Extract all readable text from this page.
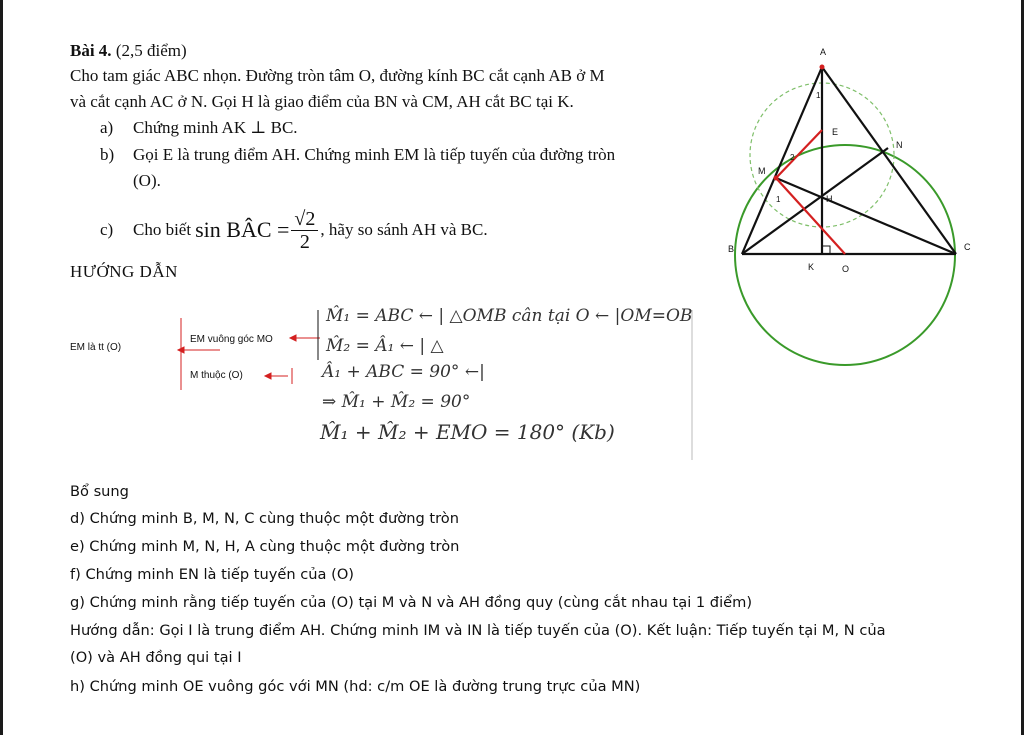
Bài 4. (2,5 điểm)
Cho tam giác ABC nhọn. Đường tròn tâm O, đường kính BC cắt cạnh AB ở M
và cắt cạnh AC ở N. Gọi H là giao điểm của BN và CM, AH cắt BC tại K.
a) Chứng minh AK ⊥ BC.
b) Gọi E là trung điểm AH. Chứng minh EM là tiếp tuyến của đường tròn
(O).
c) Cho biết sin BÂC = $\frac{√2}{2}$ , hãy so sánh AH và BC.
HƯỚNG DẪN
EM là tt (O)
EM vuông góc MO
M thuộc (O)
M̂₁ = ABC ← | △OMB cân tại O ← |OM=OB
M̂₂ = Â₁ ← | △
Â₁ + ABC = 90° ←|
⇒ M̂₁ + M̂₂ = 90°
M̂₁ + M̂₂ + EMO = 180° (Kb)
A
B	C
M
N
E
H
K	O
1
2
1
Bổ sung
d) Chứng minh B, M, N, C cùng thuộc một đường tròn
e) Chứng minh M, N, H, A cùng thuộc một đường tròn
f) Chứng minh EN là tiếp tuyến của (O)
g) Chứng minh rằng tiếp tuyến của (O) tại M và N và AH đồng quy (cùng cắt nhau tại 1 điểm)
Hướng dẫn: Gọi I là trung điểm AH. Chứng minh IM và IN là tiếp tuyến của (O). Kết luận: Tiếp tuyến tại M, N của
(O) và AH đồng qui tại I
h) Chứng minh OE vuông góc với MN (hd: c/m OE là đường trung trực của MN)
